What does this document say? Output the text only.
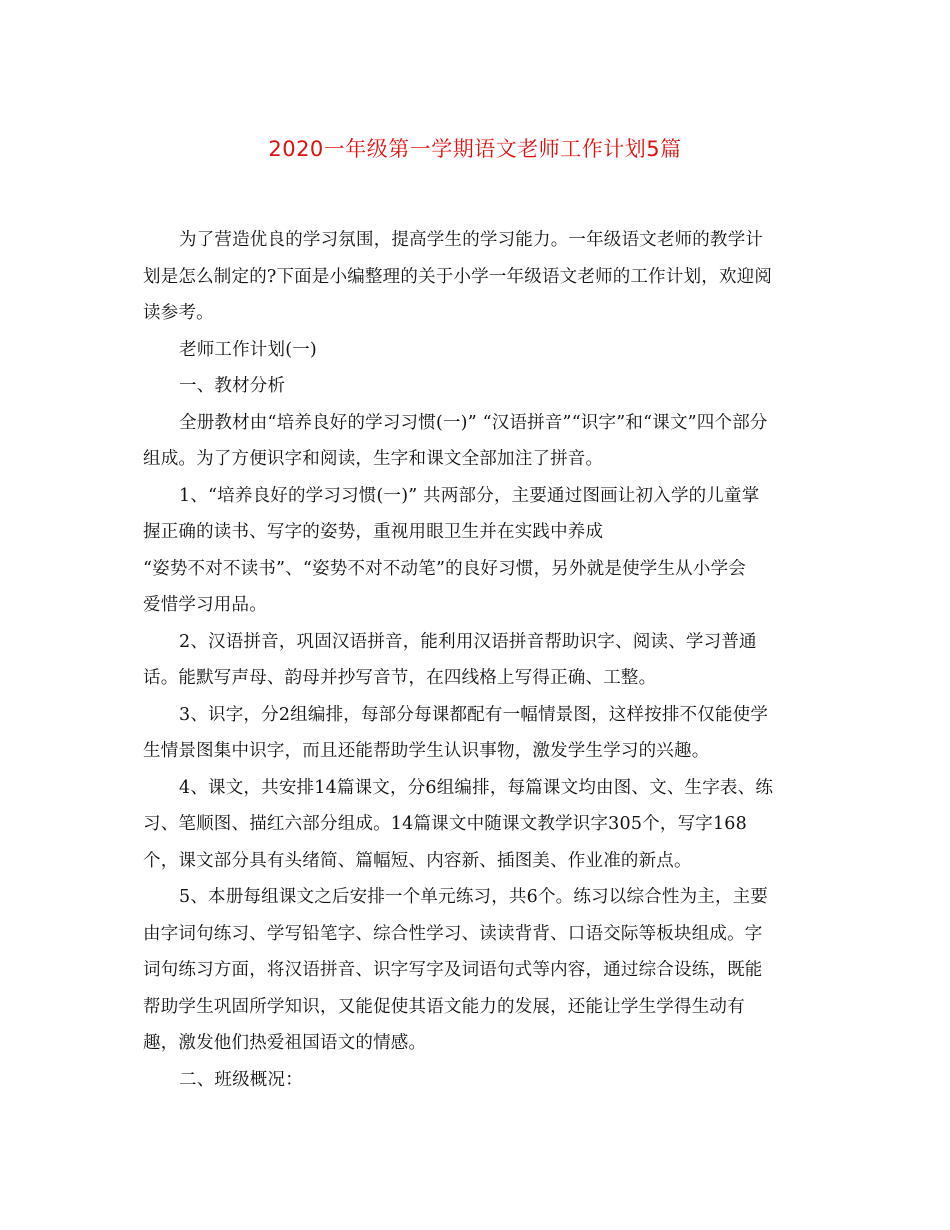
2020一年级第一学期语文老师工作计划5篇
为了营造优良的学习氛围，提高学生的学习能力。一年级语文老师的教学计
划是怎么制定的?下面是小编整理的关于小学一年级语文老师的工作计划，欢迎阅
读参考。
老师工作计划(一)
一、教材分析
全册教材由“培养良好的学习习惯(一)” “汉语拼音”“识字”和“课文”四个部分
组成。为了方便识字和阅读，生字和课文全部加注了拼音。
1、“培养良好的学习习惯(一)” 共两部分，主要通过图画让初入学的儿童掌
握正确的读书、写字的姿势，重视用眼卫生并在实践中养成
“姿势不对不读书”、“姿势不对不动笔”的良好习惯，另外就是使学生从小学会
爱惜学习用品。
2、汉语拼音，巩固汉语拼音，能利用汉语拼音帮助识字、阅读、学习普通
话。能默写声母、韵母并抄写音节，在四线格上写得正确、工整。
3、识字，分2组编排，每部分每课都配有一幅情景图，这样按排不仅能使学
生情景图集中识字，而且还能帮助学生认识事物，激发学生学习的兴趣。
4、课文，共安排14篇课文，分6组编排，每篇课文均由图、文、生字表、练
习、笔顺图、描红六部分组成。14篇课文中随课文教学识字305个，写字168
个，课文部分具有头绪简、篇幅短、内容新、插图美、作业准的新点。
5、本册每组课文之后安排一个单元练习，共6个。练习以综合性为主，主要
由字词句练习、学写铅笔字、综合性学习、读读背背、口语交际等板块组成。字
词句练习方面，将汉语拼音、识字写字及词语句式等内容，通过综合设练，既能
帮助学生巩固所学知识，又能促使其语文能力的发展，还能让学生学得生动有
趣，激发他们热爱祖国语文的情感。
二、班级概况：
